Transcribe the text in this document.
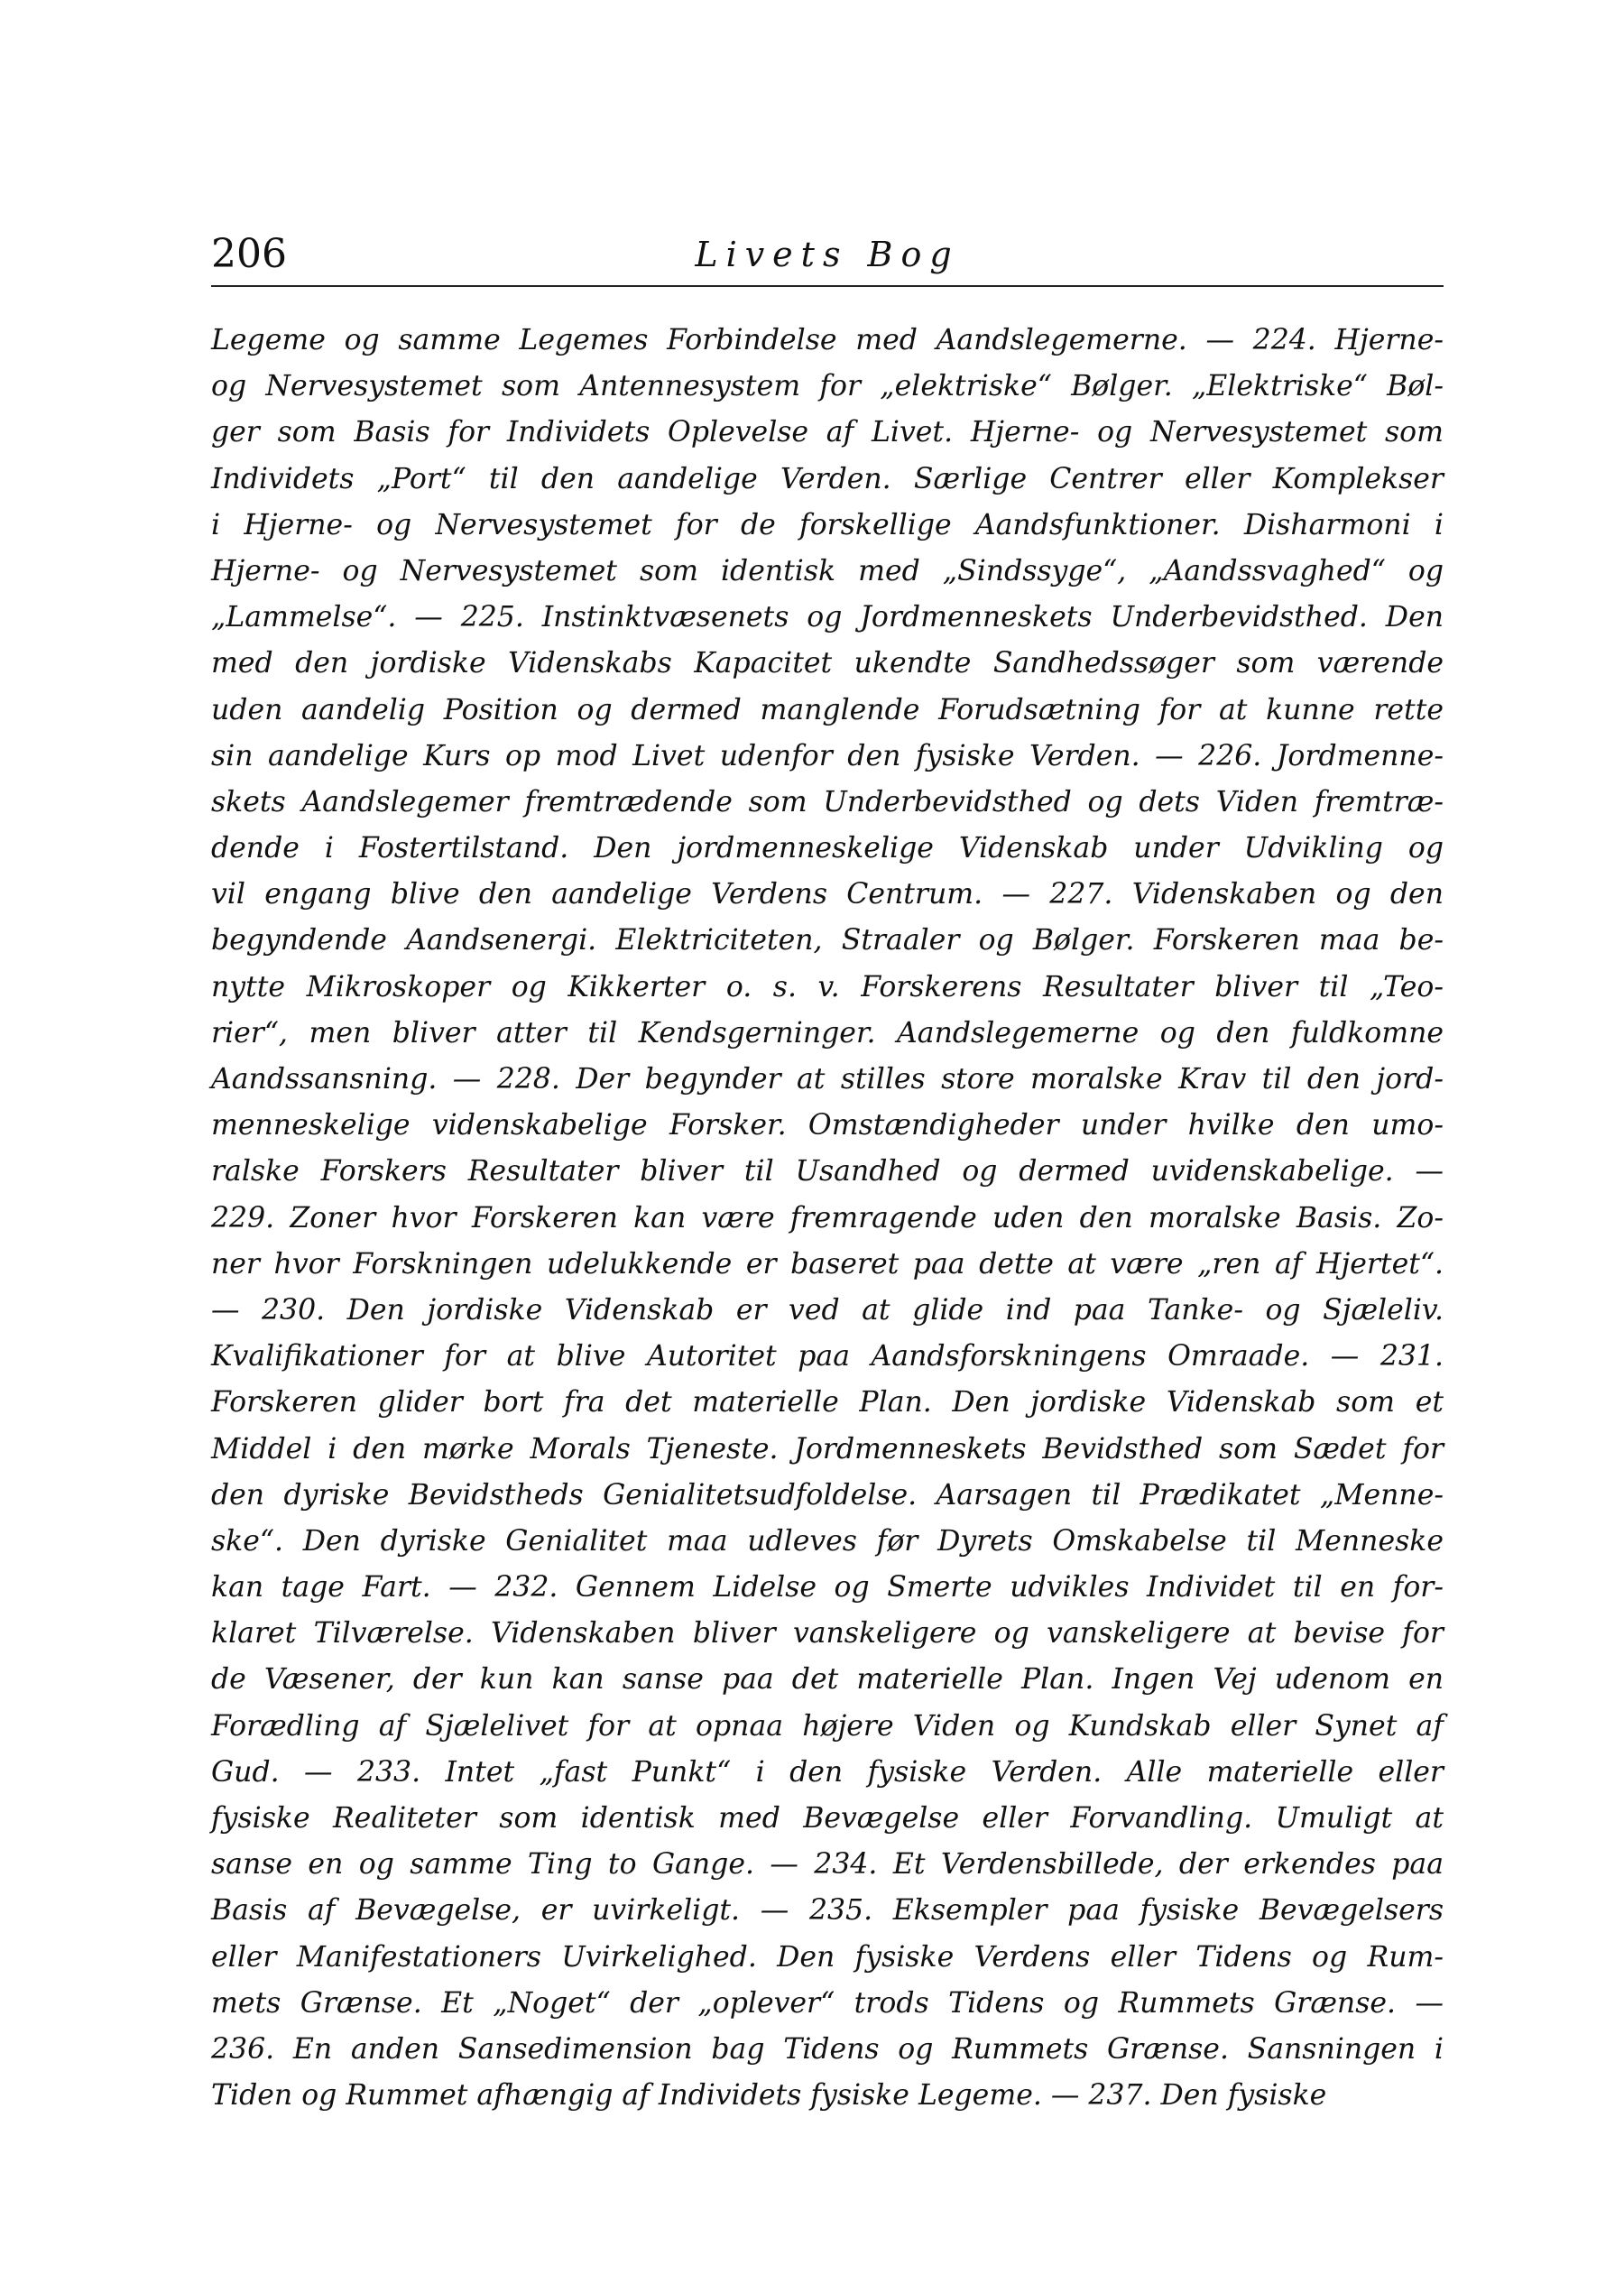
206	Livets Bog
Legeme og samme Legemes Forbindelse med Aandslegemerne. — 224. Hjerne-
og Nervesystemet som Antennesystem for „elektriske“ Bølger. „Elektriske“ Bøl-
ger som Basis for Individets Oplevelse af Livet. Hjerne- og Nervesystemet som
Individets „Port“ til den aandelige Verden. Særlige Centrer eller Komplekser
i Hjerne- og Nervesystemet for de forskellige Aandsfunktioner. Disharmoni i
Hjerne- og Nervesystemet som identisk med „Sindssyge“, „Aandssvaghed“ og
„Lammelse“. — 225. Instinktvæsenets og Jordmenneskets Underbevidsthed. Den
med den jordiske Videnskabs Kapacitet ukendte Sandhedssøger som værende
uden aandelig Position og dermed manglende Forudsætning for at kunne rette
sin aandelige Kurs op mod Livet udenfor den fysiske Verden. — 226. Jordmenne-
skets Aandslegemer fremtrædende som Underbevidsthed og dets Viden fremtræ-
dende i Fostertilstand. Den jordmenneskelige Videnskab under Udvikling og
vil engang blive den aandelige Verdens Centrum. — 227. Videnskaben og den
begyndende Aandsenergi. Elektriciteten, Straaler og Bølger. Forskeren maa be-
nytte Mikroskoper og Kikkerter o. s. v. Forskerens Resultater bliver til „Teo-
rier“, men bliver atter til Kendsgerninger. Aandslegemerne og den fuldkomne
Aandssansning. — 228. Der begynder at stilles store moralske Krav til den jord-
menneskelige videnskabelige Forsker. Omstændigheder under hvilke den umo-
ralske Forskers Resultater bliver til Usandhed og dermed uvidenskabelige. —
229. Zoner hvor Forskeren kan være fremragende uden den moralske Basis. Zo-
ner hvor Forskningen udelukkende er baseret paa dette at være „ren af Hjertet“.
— 230. Den jordiske Videnskab er ved at glide ind paa Tanke- og Sjæleliv.
Kvalifikationer for at blive Autoritet paa Aandsforskningens Omraade. — 231.
Forskeren glider bort fra det materielle Plan. Den jordiske Videnskab som et
Middel i den mørke Morals Tjeneste. Jordmenneskets Bevidsthed som Sædet for
den dyriske Bevidstheds Genialitetsudfoldelse. Aarsagen til Prædikatet „Menne-
ske“. Den dyriske Genialitet maa udleves før Dyrets Omskabelse til Menneske
kan tage Fart. — 232. Gennem Lidelse og Smerte udvikles Individet til en for-
klaret Tilværelse. Videnskaben bliver vanskeligere og vanskeligere at bevise for
de Væsener, der kun kan sanse paa det materielle Plan. Ingen Vej udenom en
Forædling af Sjælelivet for at opnaa højere Viden og Kundskab eller Synet af
Gud. — 233. Intet „fast Punkt“ i den fysiske Verden. Alle materielle eller
fysiske Realiteter som identisk med Bevægelse eller Forvandling. Umuligt at
sanse en og samme Ting to Gange. — 234. Et Verdensbillede, der erkendes paa
Basis af Bevægelse, er uvirkeligt. — 235. Eksempler paa fysiske Bevægelsers
eller Manifestationers Uvirkelighed. Den fysiske Verdens eller Tidens og Rum-
mets Grænse. Et „Noget“ der „oplever“ trods Tidens og Rummets Grænse. —
236. En anden Sansedimension bag Tidens og Rummets Grænse. Sansningen i
Tiden og Rummet afhængig af Individets fysiske Legeme. — 237. Den fysiske
